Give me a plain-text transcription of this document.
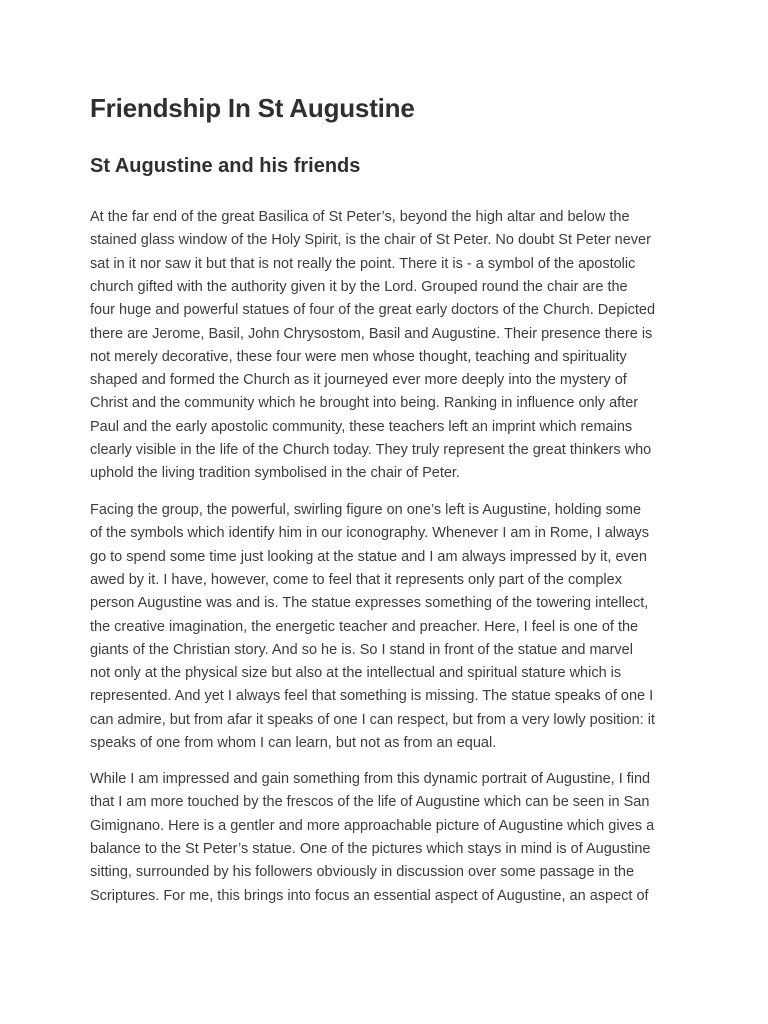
Friendship In St Augustine
St Augustine and his friends
At the far end of the great Basilica of St Peter’s, beyond the high altar and below the
stained glass window of the Holy Spirit, is the chair of St Peter. No doubt St Peter never
sat in it nor saw it but that is not really the point. There it is - a symbol of the apostolic
church gifted with the authority given it by the Lord. Grouped round the chair are the
four huge and powerful statues of four of the great early doctors of the Church. Depicted
there are Jerome, Basil, John Chrysostom, Basil and Augustine. Their presence there is
not merely decorative, these four were men whose thought, teaching and spirituality
shaped and formed the Church as it journeyed ever more deeply into the mystery of
Christ and the community which he brought into being. Ranking in influence only after
Paul and the early apostolic community, these teachers left an imprint which remains
clearly visible in the life of the Church today. They truly represent the great thinkers who
uphold the living tradition symbolised in the chair of Peter.
Facing the group, the powerful, swirling figure on one’s left is Augustine, holding some
of the symbols which identify him in our iconography. Whenever I am in Rome, I always
go to spend some time just looking at the statue and I am always impressed by it, even
awed by it. I have, however, come to feel that it represents only part of the complex
person Augustine was and is. The statue expresses something of the towering intellect,
the creative imagination, the energetic teacher and preacher. Here, I feel is one of the
giants of the Christian story. And so he is. So I stand in front of the statue and marvel
not only at the physical size but also at the intellectual and spiritual stature which is
represented. And yet I always feel that something is missing. The statue speaks of one I
can admire, but from afar it speaks of one I can respect, but from a very lowly position: it
speaks of one from whom I can learn, but not as from an equal.
While I am impressed and gain something from this dynamic portrait of Augustine, I find
that I am more touched by the frescos of the life of Augustine which can be seen in San
Gimignano. Here is a gentler and more approachable picture of Augustine which gives a
balance to the St Peter’s statue. One of the pictures which stays in mind is of Augustine
sitting, surrounded by his followers obviously in discussion over some passage in the
Scriptures. For me, this brings into focus an essential aspect of Augustine, an aspect of
